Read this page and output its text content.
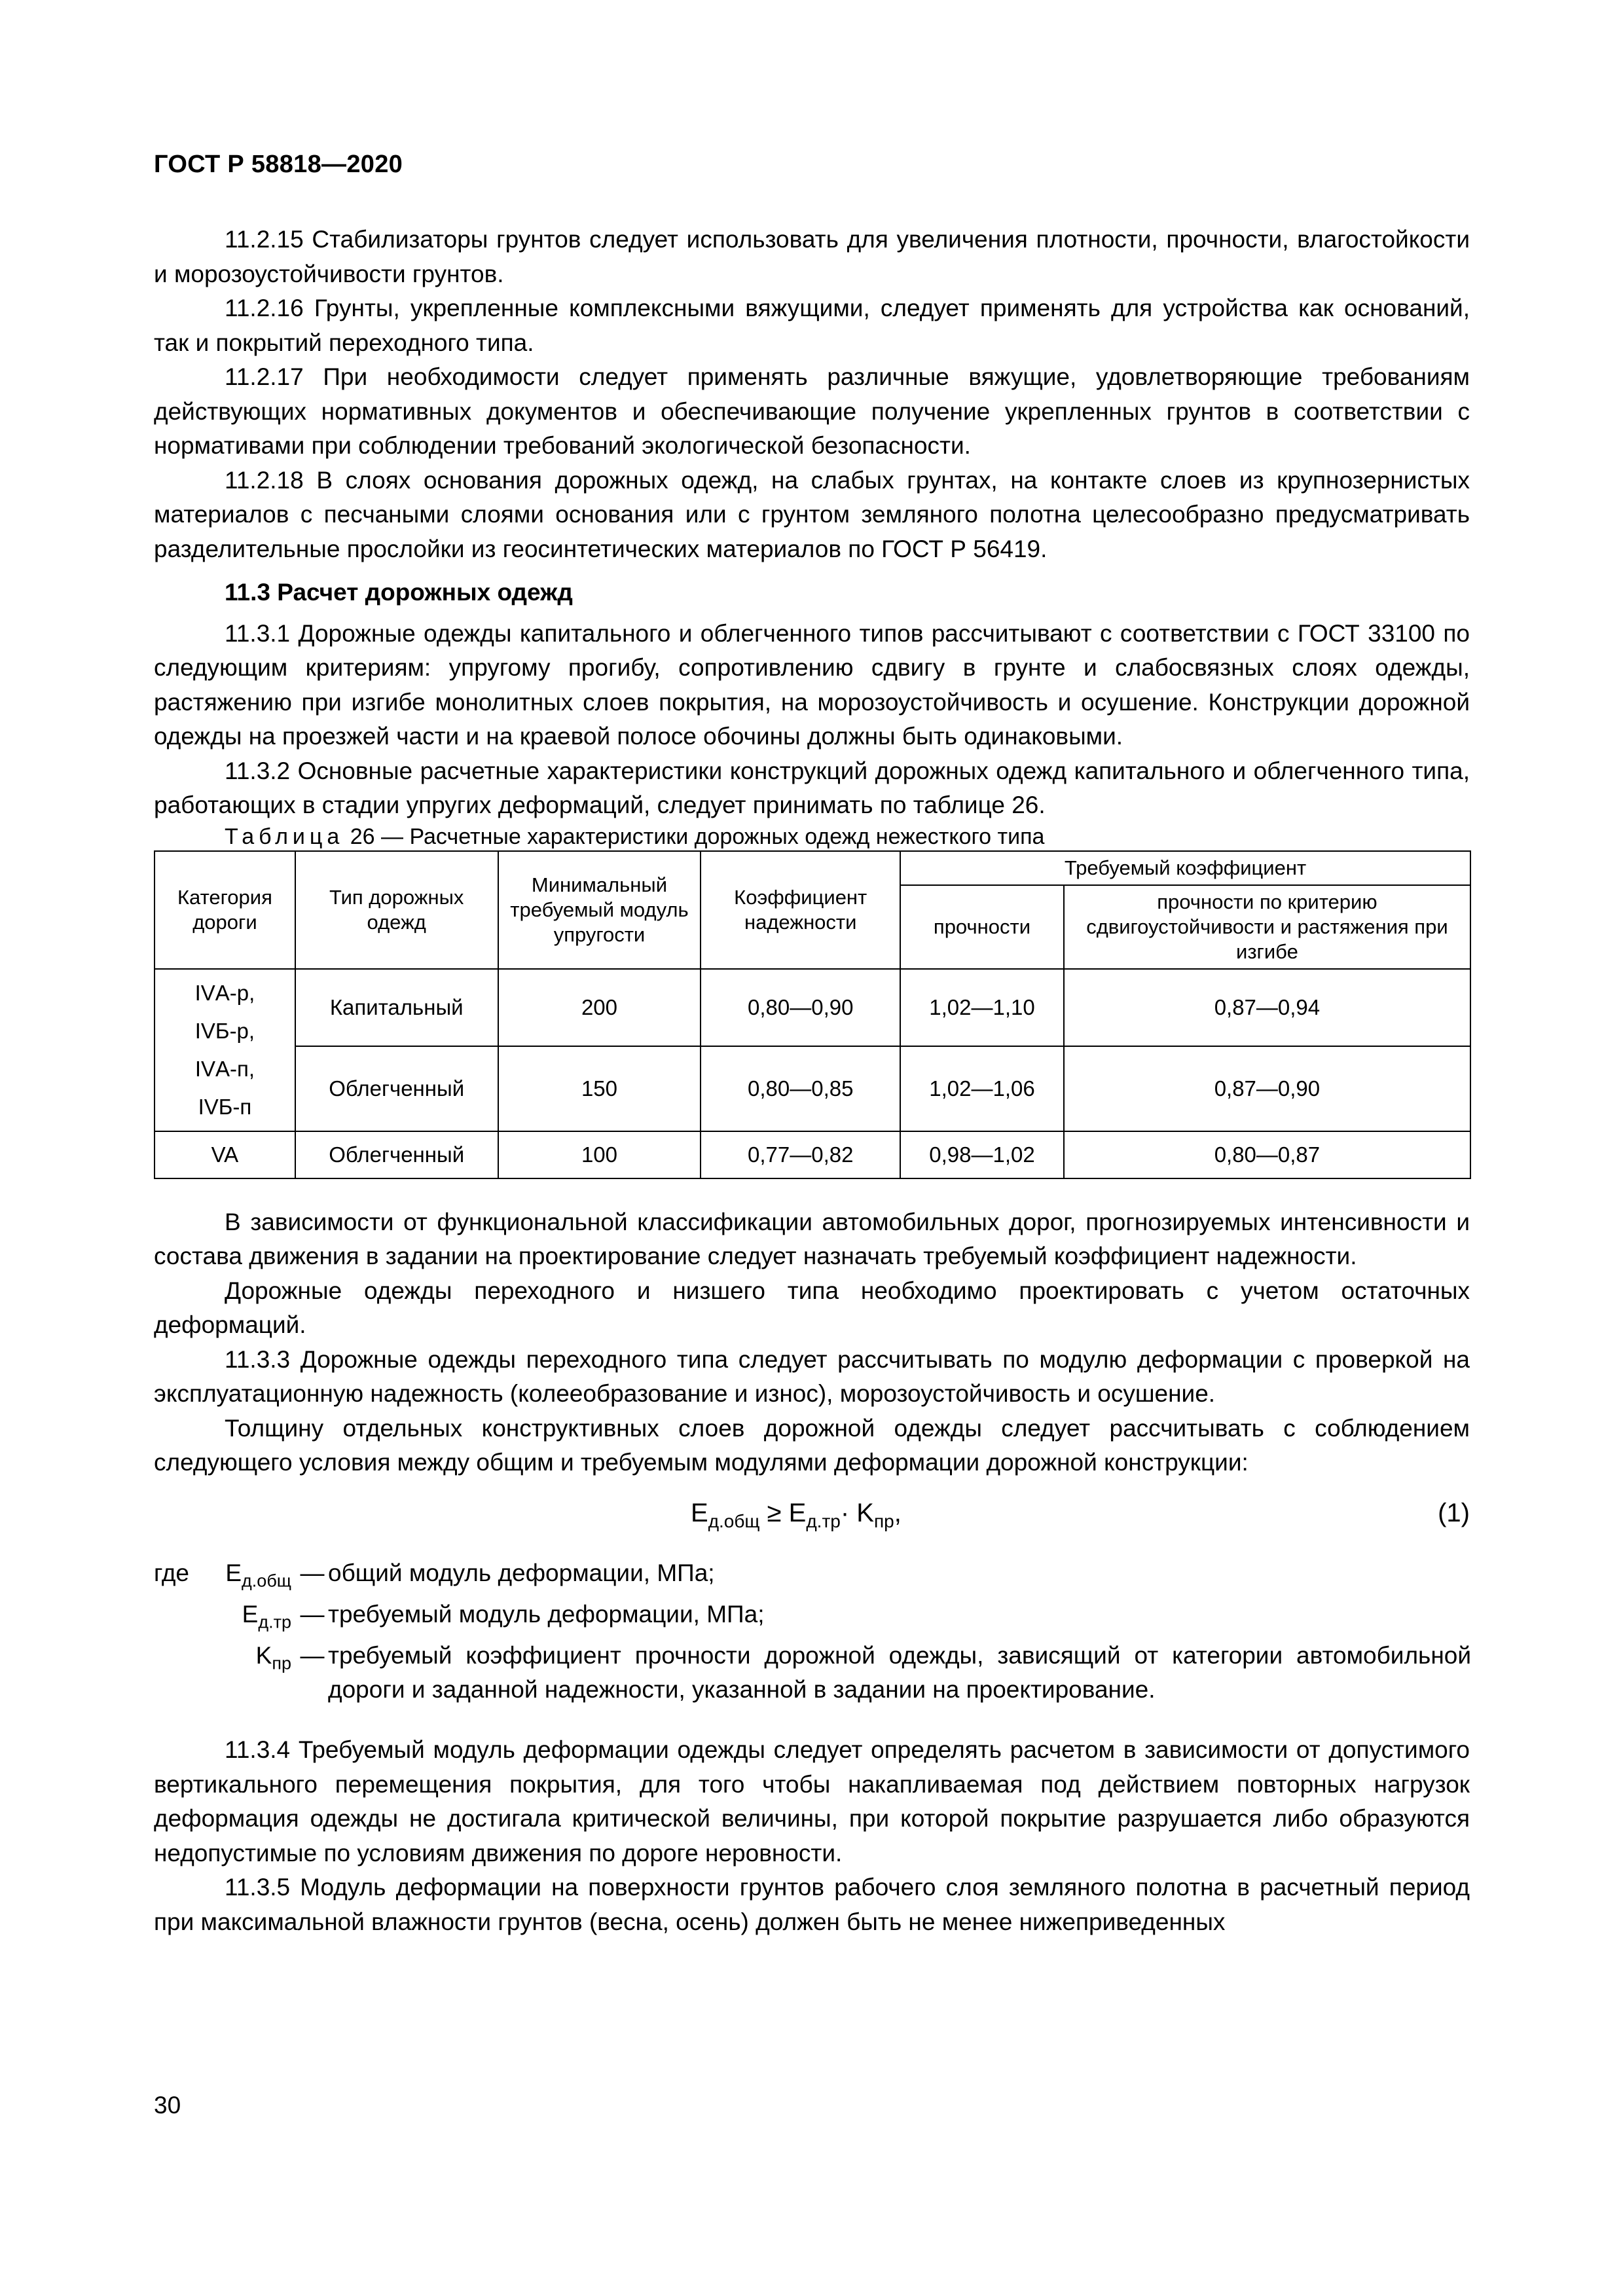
ГОСТ Р 58818—2020

11.2.15 Стабилизаторы грунтов следует использовать для увеличения плотности, прочности, влагостойкости и морозоустойчивости грунтов.

11.2.16 Грунты, укрепленные комплексными вяжущими, следует применять для устройства как оснований, так и покрытий переходного типа.

11.2.17 При необходимости следует применять различные вяжущие, удовлетворяющие требованиям действующих нормативных документов и обеспечивающие получение укрепленных грунтов в соответствии с нормативами при соблюдении требований экологической безопасности.

11.2.18 В слоях основания дорожных одежд, на слабых грунтах, на контакте слоев из крупнозернистых материалов с песчаными слоями основания или с грунтом земляного полотна целесообразно предусматривать разделительные прослойки из геосинтетических материалов по ГОСТ Р 56419.

11.3 Расчет дорожных одежд

11.3.1 Дорожные одежды капитального и облегченного типов рассчитывают с соответствии с ГОСТ 33100 по следующим критериям: упругому прогибу, сопротивлению сдвигу в грунте и слабосвязных слоях одежды, растяжению при изгибе монолитных слоев покрытия, на морозоустойчивость и осушение. Конструкции дорожной одежды на проезжей части и на краевой полосе обочины должны быть одинаковыми.

11.3.2 Основные расчетные характеристики конструкций дорожных одежд капитального и облегченного типа, работающих в стадии упругих деформаций, следует принимать по таблице 26.

Таблица 26 — Расчетные характеристики дорожных одежд нежесткого типа

Категория дороги	Тип дорожных одежд	Минимальный требуемый модуль упругости	Коэффициент надежности	Требуемый коэффициент	
				прочности	прочности по критерию сдвигоустойчивости и растяжения при изгибе

IVА-р,
IVБ-р,
IVА-п,
IVБ-п	Капитальный	200	0,80—0,90	1,02—1,10	0,87—0,94
	Облегченный	150	0,80—0,85	1,02—1,06	0,87—0,90
VA	Облегченный	100	0,77—0,82	0,98—1,02	0,80—0,87

В зависимости от функциональной классификации автомобильных дорог, прогнозируемых интенсивности и состава движения в задании на проектирование следует назначать требуемый коэффициент надежности.

Дорожные одежды переходного и низшего типа необходимо проектировать с учетом остаточных деформаций.

11.3.3 Дорожные одежды переходного типа следует рассчитывать по модулю деформации с проверкой на эксплуатационную надежность (колееобразование и износ), морозоустойчивость и осушение.

Толщину отдельных конструктивных слоев дорожной одежды следует рассчитывать с соблюдением следующего условия между общим и требуемым модулями деформации дорожной конструкции:

$Е_{д.общ} \ge Е_{д.тр}\cdot K_{пр}$,	(1)
где	$Е_{д.общ}$	—	общий модуль деформации, МПа;
	$Е_{д.тр}$	—	требуемый модуль деформации, МПа;
	$K_{пр}$	—	требуемый коэффициент прочности дорожной одежды, зависящий от категории автомобильной дороги и заданной надежности, указанной в задании на проектирование.

11.3.4 Требуемый модуль деформации одежды следует определять расчетом в зависимости от допустимого вертикального перемещения покрытия, для того чтобы накапливаемая под действием повторных нагрузок деформация одежды не достигала критической величины, при которой покрытие разрушается либо образуются недопустимые по условиям движения по дороге неровности.

11.3.5 Модуль деформации на поверхности грунтов рабочего слоя земляного полотна в расчетный период при максимальной влажности грунтов (весна, осень) должен быть не менее нижеприведенных

30
